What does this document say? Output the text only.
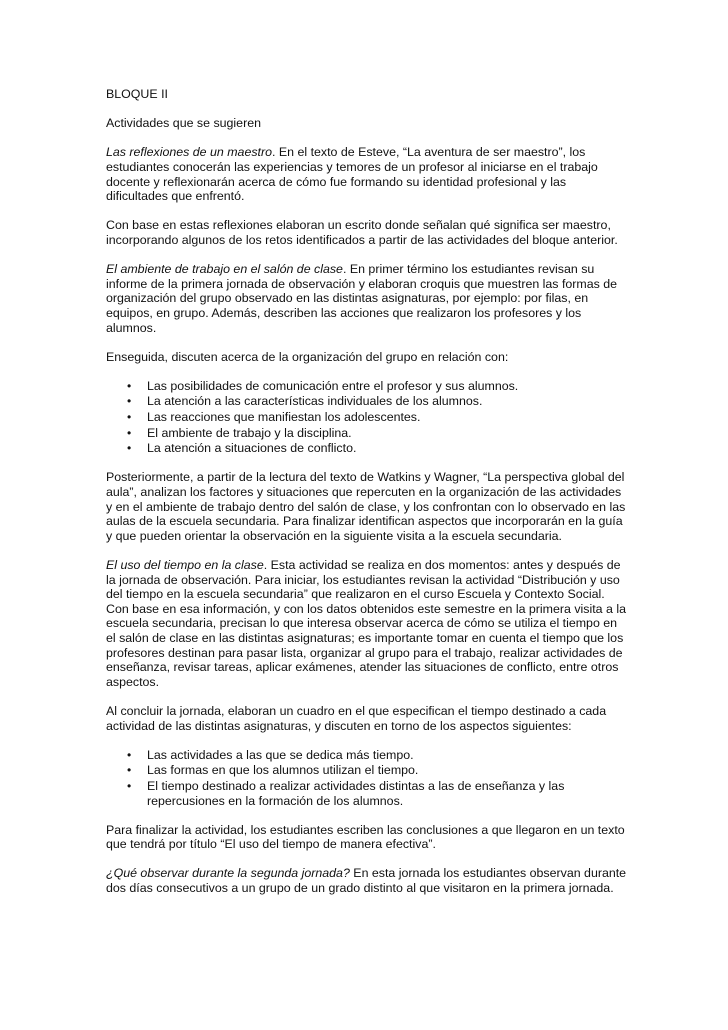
BLOQUE II

Actividades que se sugieren

Las reflexiones de un maestro. En el texto de Esteve, “La aventura de ser maestro”, los estudiantes conocerán las experiencias y temores de un profesor al iniciarse en el trabajo docente y reflexionarán acerca de cómo fue formando su identidad profesional y las dificultades que enfrentó.

Con base en estas reflexiones elaboran un escrito donde señalan qué significa ser maestro, incorporando algunos de los retos identificados a partir de las actividades del bloque anterior.

El ambiente de trabajo en el salón de clase. En primer término los estudiantes revisan su informe de la primera jornada de observación y elaboran croquis que muestren las formas de organización del grupo observado en las distintas asignaturas, por ejemplo: por filas, en equipos, en grupo. Además, describen las acciones que realizaron los profesores y los alumnos.

Enseguida, discuten acerca de la organización del grupo en relación con:

• Las posibilidades de comunicación entre el profesor y sus alumnos.
• La atención a las características individuales de los alumnos.
• Las reacciones que manifiestan los adolescentes.
• El ambiente de trabajo y la disciplina.
• La atención a situaciones de conflicto.

Posteriormente, a partir de la lectura del texto de Watkins y Wagner, “La perspectiva global del aula”, analizan los factores y situaciones que repercuten en la organización de las actividades y en el ambiente de trabajo dentro del salón de clase, y los confrontan con lo observado en las aulas de la escuela secundaria. Para finalizar identifican aspectos que incorporarán en la guía y que pueden orientar la observación en la siguiente visita a la escuela secundaria.

El uso del tiempo en la clase. Esta actividad se realiza en dos momentos: antes y después de la jornada de observación. Para iniciar, los estudiantes revisan la actividad “Distribución y uso del tiempo en la escuela secundaria” que realizaron en el curso Escuela y Contexto Social. Con base en esa información, y con los datos obtenidos este semestre en la primera visita a la escuela secundaria, precisan lo que interesa observar acerca de cómo se utiliza el tiempo en el salón de clase en las distintas asignaturas; es importante tomar en cuenta el tiempo que los profesores destinan para pasar lista, organizar al grupo para el trabajo, realizar actividades de enseñanza, revisar tareas, aplicar exámenes, atender las situaciones de conflicto, entre otros aspectos.

Al concluir la jornada, elaboran un cuadro en el que especifican el tiempo destinado a cada actividad de las distintas asignaturas, y discuten en torno de los aspectos siguientes:

• Las actividades a las que se dedica más tiempo.
• Las formas en que los alumnos utilizan el tiempo.
• El tiempo destinado a realizar actividades distintas a las de enseñanza y las repercusiones en la formación de los alumnos.

Para finalizar la actividad, los estudiantes escriben las conclusiones a que llegaron en un texto que tendrá por título “El uso del tiempo de manera efectiva”.

¿Qué observar durante la segunda jornada? En esta jornada los estudiantes observan durante dos días consecutivos a un grupo de un grado distinto al que visitaron en la primera jornada.
